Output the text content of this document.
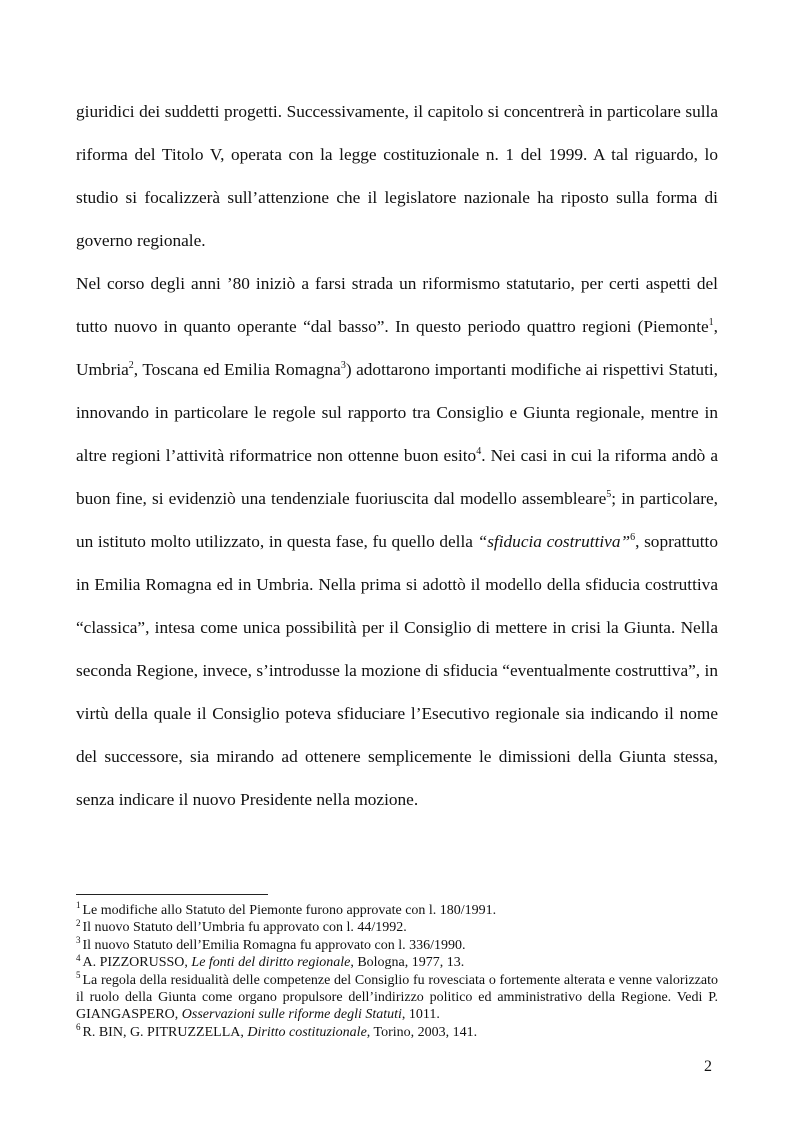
giuridici dei suddetti progetti. Successivamente, il capitolo si concentrerà in particolare sulla riforma del Titolo V, operata con la legge costituzionale n. 1 del 1999. A tal riguardo, lo studio si focalizzerà sull’attenzione che il legislatore nazionale ha riposto sulla forma di governo regionale.

Nel corso degli anni ’80 iniziò a farsi strada un riformismo statutario, per certi aspetti del tutto nuovo in quanto operante “dal basso”. In questo periodo quattro regioni (Piemonte$^1$, Umbria$^2$, Toscana ed Emilia Romagna$^3$) adottarono importanti modifiche ai rispettivi Statuti, innovando in particolare le regole sul rapporto tra Consiglio e Giunta regionale, mentre in altre regioni l’attività riformatrice non ottenne buon esito$^4$. Nei casi in cui la riforma andò a buon fine, si evidenziò una tendenziale fuoriuscita dal modello assembleare$^5$; in particolare, un istituto molto utilizzato, in questa fase, fu quello della “sfiducia costruttiva”$^6$, soprattutto in Emilia Romagna ed in Umbria. Nella prima si adottò il modello della sfiducia costruttiva “classica”, intesa come unica possibilità per il Consiglio di mettere in crisi la Giunta. Nella seconda Regione, invece, s’introdusse la mozione di sfiducia “eventualmente costruttiva”, in virtù della quale il Consiglio poteva sfiduciare l’Esecutivo regionale sia indicando il nome del successore, sia mirando ad ottenere semplicemente le dimissioni della Giunta stessa, senza indicare il nuovo Presidente nella mozione.

$^1$ Le modifiche allo Statuto del Piemonte furono approvate con l. 180/1991.

$^2$ Il nuovo Statuto dell’Umbria fu approvato con l. 44/1992.

$^3$ Il nuovo Statuto dell’Emilia Romagna fu approvato con l. 336/1990.

$^4$ A. PIZZORUSSO, Le fonti del diritto regionale, Bologna, 1977, 13.

$^5$ La regola della residualità delle competenze del Consiglio fu rovesciata o fortemente alterata e venne valorizzato il ruolo della Giunta come organo propulsore dell’indirizzo politico ed amministrativo della Regione. Vedi P. GIANGASPERO, Osservazioni sulle riforme degli Statuti, 1011.

$^6$ R. BIN, G. PITRUZZELLA, Diritto costituzionale, Torino, 2003, 141.

2
